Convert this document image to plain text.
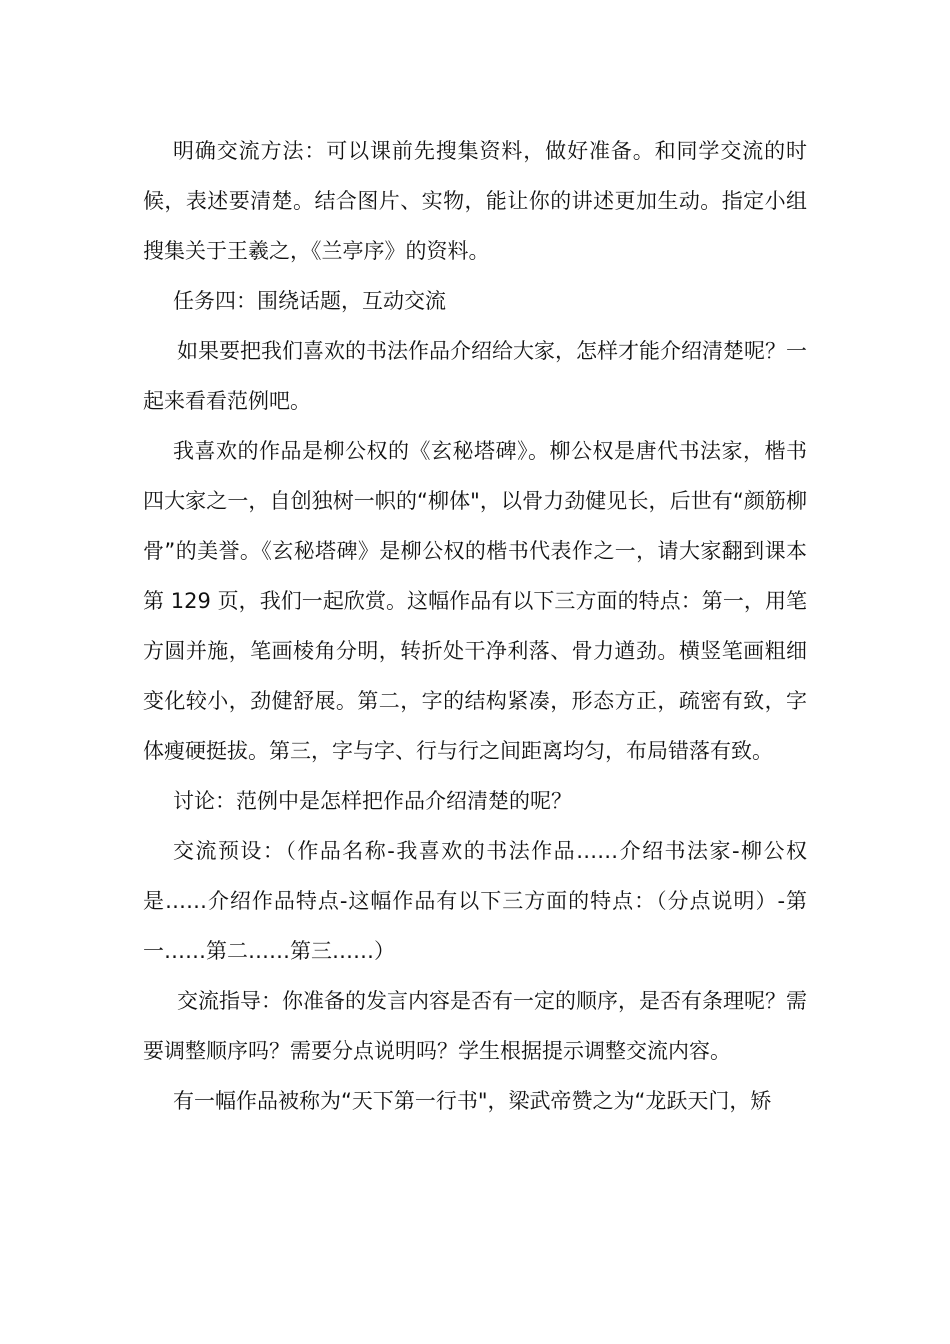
明确交流方法：可以课前先搜集资料，做好准备。和同学交流的时候，表述要清楚。结合图片、实物，能让你的讲述更加生动。指定小组搜集关于王羲之，《兰亭序》的资料。

任务四：围绕话题，互动交流

如果要把我们喜欢的书法作品介绍给大家，怎样才能介绍清楚呢？一起来看看范例吧。

我喜欢的作品是柳公权的《玄秘塔碑》。柳公权是唐代书法家，楷书四大家之一，自创独树一帜的“柳体"，以骨力劲健见长，后世有“颜筋柳骨”的美誉。《玄秘塔碑》是柳公权的楷书代表作之一，请大家翻到课本第 129 页，我们一起欣赏。这幅作品有以下三方面的特点：第一，用笔方圆并施，笔画棱角分明，转折处干净利落、骨力遒劲。横竖笔画粗细变化较小，劲健舒展。第二，字的结构紧凑，形态方正，疏密有致，字体瘦硬挺拔。第三，字与字、行与行之间距离均匀，布局错落有致。

讨论：范例中是怎样把作品介绍清楚的呢？

交流预设：（作品名称-我喜欢的书法作品……介绍书法家-柳公权是……介绍作品特点-这幅作品有以下三方面的特点：（分点说明）-第一……第二……第三……）

交流指导：你准备的发言内容是否有一定的顺序，是否有条理呢？需要调整顺序吗？需要分点说明吗？学生根据提示调整交流内容。

有一幅作品被称为“天下第一行书"，梁武帝赞之为“龙跃天门，矫
